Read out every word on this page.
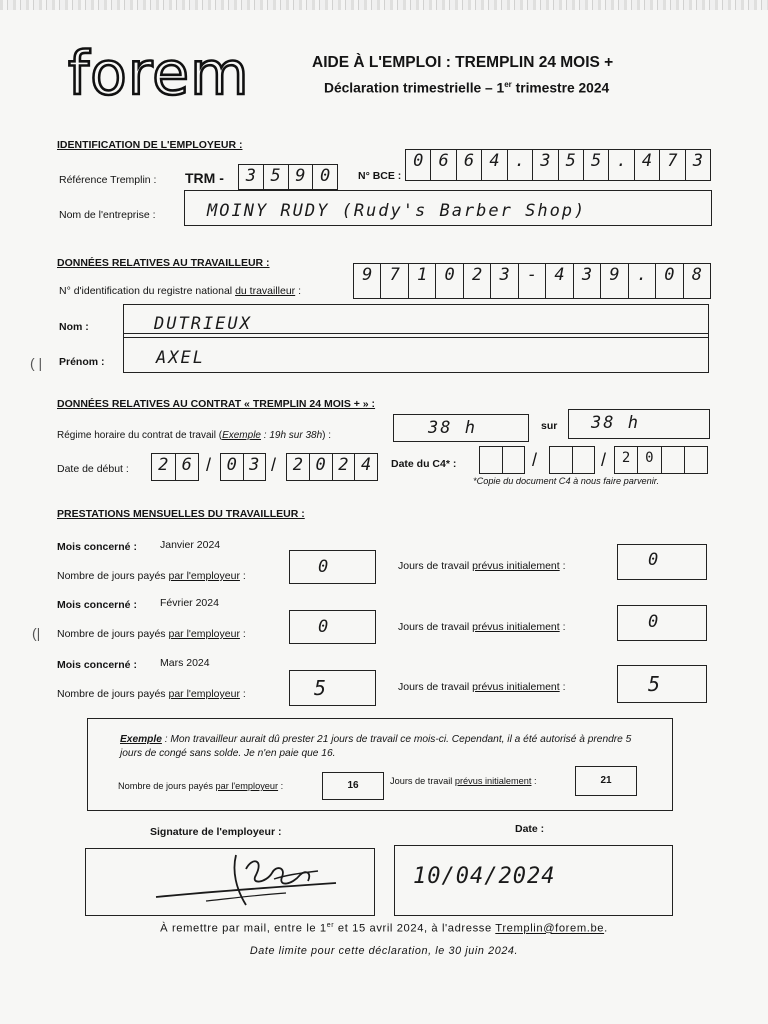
forem	AIDE À L'EMPLOI : TREMPLIN 24 MOIS +
Déclaration trimestrielle – 1er trimestre 2024
IDENTIFICATION DE L'EMPLOYEUR :
Référence Tremplin : TRM -	3 5 9 0	N° BCE :
0 6 6 4 . 3 5 5 . 4 7 3
Nom de l'entreprise :	MOINY RUDY (Rudy's Barber Shop)
DONNÉES RELATIVES AU TRAVAILLEUR :
N° d'identification du registre national du travailleur :
9	7	1	0	2	3	-	4	3	9	.	0	8
Nom :	DUTRIEUX
( | Prénom :	AXEL
DONNÉES RELATIVES AU CONTRAT « TREMPLIN 24 MOIS + » :
Régime horaire du contrat de travail (Exemple : 19h sur 38h) :	38 h	sur	38 h
Date de début :	2 6 / 0 3 / 2 0 2 4	Date du C4* :	/	/	2	0
*Copie du document C4 à nous faire parvenir.
PRESTATIONS MENSUELLES DU TRAVAILLEUR :
Mois concerné : Janvier 2024
Nombre de jours payés par l'employeur :	0	Jours de travail prévus initialement :	0
Mois concerné : Février 2024
(| Nombre de jours payés par l'employeur :	0	Jours de travail prévus initialement :	0
Mois concerné : Mars 2024
Nombre de jours payés par l'employeur :	5	Jours de travail prévus initialement :	5
Exemple : Mon travailleur aurait dû prester 21 jours de travail ce mois-ci. Cependant, il a été autorisé à prendre 5 jours de congé sans solde. Je n'en paie que 16.
Nombre de jours payés par l'employeur :	16	Jours de travail prévus initialement :	21
Signature de l'employeur :	Date :
10/04/2024
À remettre par mail, entre le 1er et 15 avril 2024, à l'adresse Tremplin@forem.be.
Date limite pour cette déclaration, le 30 juin 2024.
